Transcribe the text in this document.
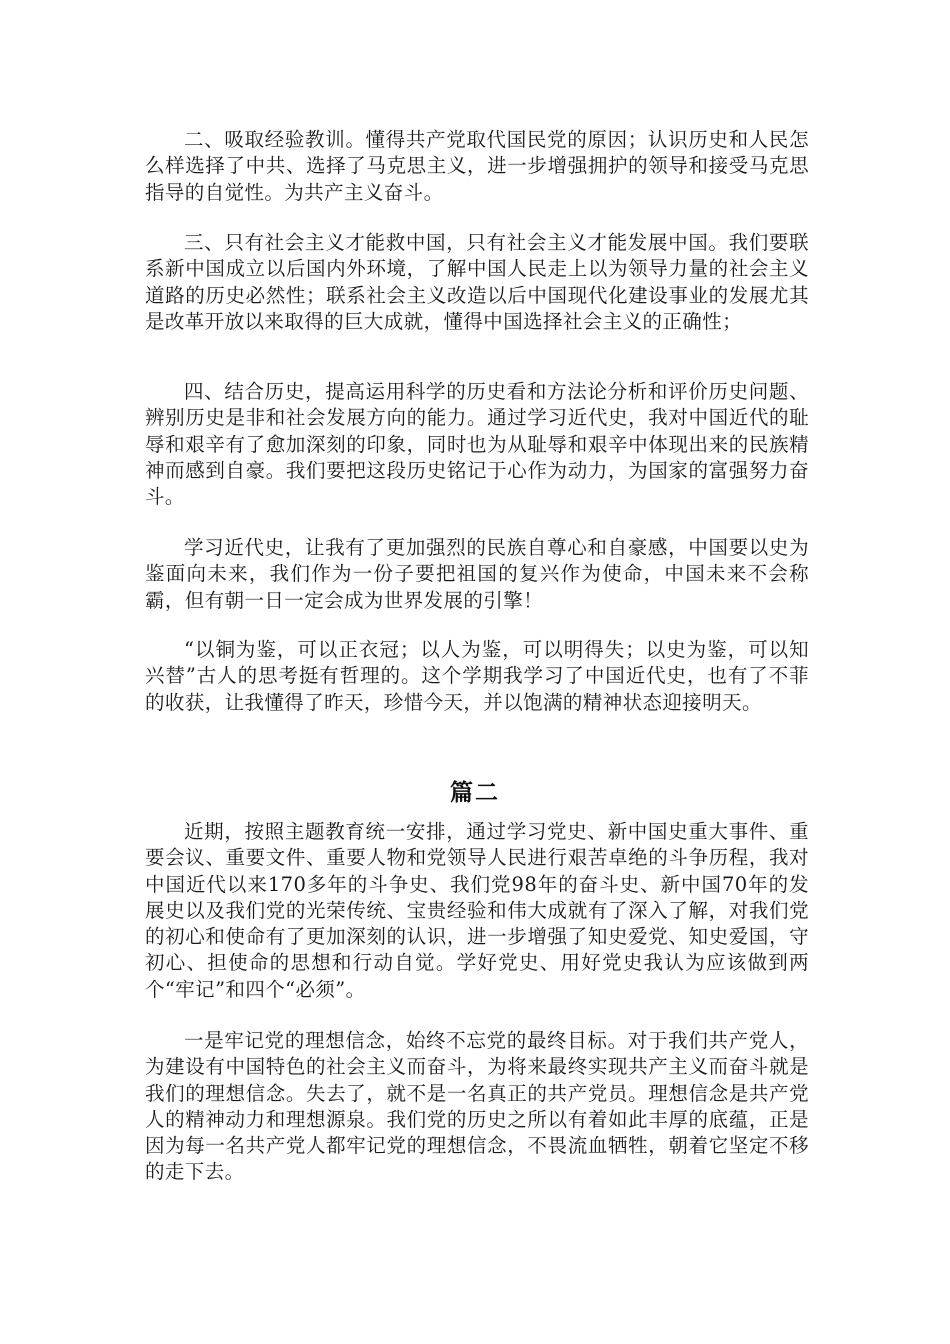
二、吸取经验教训。懂得共产党取代国民党的原因；认识历史和人民怎么样选择了中共、选择了马克思主义，进一步增强拥护的领导和接受马克思指导的自觉性。为共产主义奋斗。

三、只有社会主义才能救中国，只有社会主义才能发展中国。我们要联系新中国成立以后国内外环境，了解中国人民走上以为领导力量的社会主义道路的历史必然性；联系社会主义改造以后中国现代化建设事业的发展尤其是改革开放以来取得的巨大成就，懂得中国选择社会主义的正确性；

四、结合历史，提高运用科学的历史看和方法论分析和评价历史问题、辨别历史是非和社会发展方向的能力。通过学习近代史，我对中国近代的耻辱和艰辛有了愈加深刻的印象，同时也为从耻辱和艰辛中体现出来的民族精神而感到自豪。我们要把这段历史铭记于心作为动力，为国家的富强努力奋斗。

学习近代史，让我有了更加强烈的民族自尊心和自豪感，中国要以史为鉴面向未来，我们作为一份子要把祖国的复兴作为使命，中国未来不会称霸，但有朝一日一定会成为世界发展的引擎！

“以铜为鉴，可以正衣冠；以人为鉴，可以明得失；以史为鉴，可以知兴替”古人的思考挺有哲理的。这个学期我学习了中国近代史，也有了不菲的收获，让我懂得了昨天，珍惜今天，并以饱满的精神状态迎接明天。

篇二

近期，按照主题教育统一安排，通过学习党史、新中国史重大事件、重要会议、重要文件、重要人物和党领导人民进行艰苦卓绝的斗争历程，我对中国近代以来170多年的斗争史、我们党98年的奋斗史、新中国70年的发展史以及我们党的光荣传统、宝贵经验和伟大成就有了深入了解，对我们党的初心和使命有了更加深刻的认识，进一步增强了知史爱党、知史爱国，守初心、担使命的思想和行动自觉。学好党史、用好党史我认为应该做到两个“牢记”和四个“必须”。

一是牢记党的理想信念，始终不忘党的最终目标。对于我们共产党人，为建设有中国特色的社会主义而奋斗，为将来最终实现共产主义而奋斗就是我们的理想信念。失去了，就不是一名真正的共产党员。理想信念是共产党人的精神动力和理想源泉。我们党的历史之所以有着如此丰厚的底蕴，正是因为每一名共产党人都牢记党的理想信念，不畏流血牺牲，朝着它坚定不移的走下去。
